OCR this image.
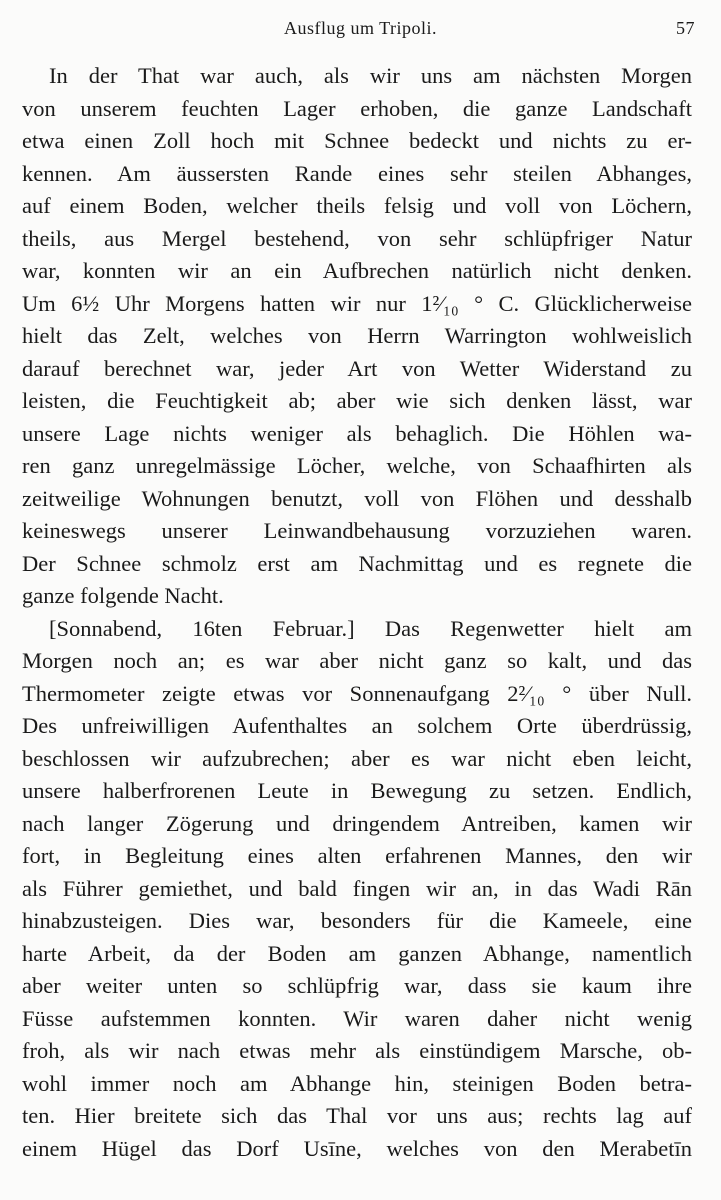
Ausflug um Tripoli.	57
In der That war auch, als wir uns am nächsten Morgen
von unserem feuchten Lager erhoben, die ganze Landschaft
etwa einen Zoll hoch mit Schnee bedeckt und nichts zu er-
kennen. Am äussersten Rande eines sehr steilen Abhanges,
auf einem Boden, welcher theils felsig und voll von Löchern,
theils, aus Mergel bestehend, von sehr schlüpfriger Natur
war, konnten wir an ein Aufbrechen natürlich nicht denken.
Um 6½ Uhr Morgens hatten wir nur 1²⁄₁₀ ° C. Glücklicherweise
hielt das Zelt, welches von Herrn Warrington wohlweislich
darauf berechnet war, jeder Art von Wetter Widerstand zu
leisten, die Feuchtigkeit ab; aber wie sich denken lässt, war
unsere Lage nichts weniger als behaglich. Die Höhlen wa-
ren ganz unregelmässige Löcher, welche, von Schaafhirten als
zeitweilige Wohnungen benutzt, voll von Flöhen und desshalb
keineswegs unserer Leinwandbehausung vorzuziehen waren.
Der Schnee schmolz erst am Nachmittag und es regnete die
ganze folgende Nacht.
[Sonnabend, 16ten Februar.] Das Regenwetter hielt am
Morgen noch an; es war aber nicht ganz so kalt, und das
Thermometer zeigte etwas vor Sonnenaufgang 2²⁄₁₀ ° über Null.
Des unfreiwilligen Aufenthaltes an solchem Orte überdrüssig,
beschlossen wir aufzubrechen; aber es war nicht eben leicht,
unsere halberfrorenen Leute in Bewegung zu setzen. Endlich,
nach langer Zögerung und dringendem Antreiben, kamen wir
fort, in Begleitung eines alten erfahrenen Mannes, den wir
als Führer gemiethet, und bald fingen wir an, in das Wadi Rān
hinabzusteigen. Dies war, besonders für die Kameele, eine
harte Arbeit, da der Boden am ganzen Abhange, namentlich
aber weiter unten so schlüpfrig war, dass sie kaum ihre
Füsse aufstemmen konnten. Wir waren daher nicht wenig
froh, als wir nach etwas mehr als einstündigem Marsche, ob-
wohl immer noch am Abhange hin, steinigen Boden betra-
ten. Hier breitete sich das Thal vor uns aus; rechts lag auf
einem Hügel das Dorf Usīne, welches von den Merabetīn
